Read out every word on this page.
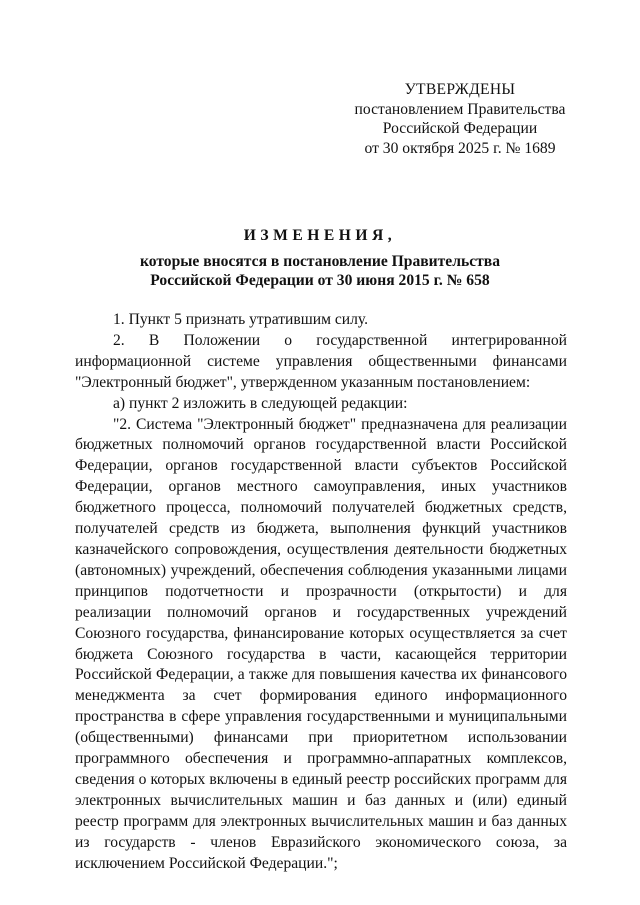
УТВЕРЖДЕНЫ
постановлением Правительства
Российской Федерации
от 30 октября 2025 г. № 1689
ИЗМЕНЕНИЯ,
которые вносятся в постановление Правительства
Российской Федерации от 30 июня 2015 г. № 658

1. Пункт 5 признать утратившим силу.

2. В Положении о государственной интегрированной информационной системе управления общественными финансами "Электронный бюджет", утвержденном указанным постановлением:

а) пункт 2 изложить в следующей редакции:

"2. Система "Электронный бюджет" предназначена для реализации бюджетных полномочий органов государственной власти Российской Федерации, органов государственной власти субъектов Российской Федерации, органов местного самоуправления, иных участников бюджетного процесса, полномочий получателей бюджетных средств, получателей средств из бюджета, выполнения функций участников казначейского сопровождения, осуществления деятельности бюджетных (автономных) учреждений, обеспечения соблюдения указанными лицами принципов подотчетности и прозрачности (открытости) и для реализации полномочий органов и государственных учреждений Союзного государства, финансирование которых осуществляется за счет бюджета Союзного государства в части, касающейся территории Российской Федерации, а также для повышения качества их финансового менеджмента за счет формирования единого информационного пространства в сфере управления государственными и муниципальными (общественными) финансами при приоритетном использовании программного обеспечения и программно-аппаратных комплексов, сведения о которых включены в единый реестр российских программ для электронных вычислительных машин и баз данных и (или) единый реестр программ для электронных вычислительных машин и баз данных из государств - членов Евразийского экономического союза, за исключением Российской Федерации.";
